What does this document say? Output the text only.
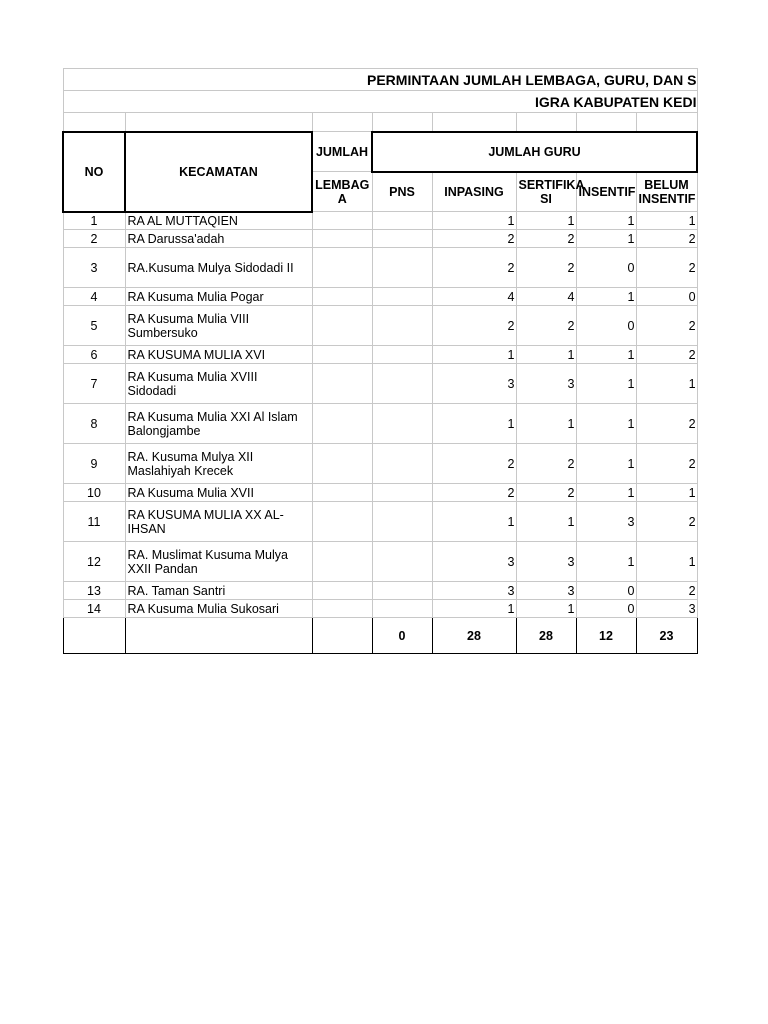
PERMINTAAN JUMLAH LEMBAGA, GURU, DAN S							
IGRA KABUPATEN KEDI							

NO	KECAMATAN	JUMLAH	JUMLAH GURU				
		LEMBAG A	PNS	INPASING	SERTIFIKA SI	INSENTIF	BELUM INSENTIF
1	RA AL MUTTAQIEN			1	1	1	1
2	RA Darussa'adah			2	2	1	2
3	RA.Kusuma Mulya Sidodadi II			2	2	0	2
4	RA Kusuma Mulia Pogar			4	4	1	0
5	RA Kusuma Mulia VIII Sumbersuko			2	2	0	2
6	RA KUSUMA MULIA XVI			1	1	1	2
7	RA Kusuma Mulia XVIII Sidodadi			3	3	1	1
8	RA Kusuma Mulia XXI Al Islam Balongjambe			1	1	1	2
9	RA. Kusuma Mulya XII Maslahiyah Krecek			2	2	1	2
10	RA Kusuma Mulia XVII			2	2	1	1
11	RA KUSUMA MULIA XX AL-IHSAN			1	1	3	2
12	RA. Muslimat Kusuma Mulya XXII Pandan			3	3	1	1
13	RA. Taman Santri			3	3	0	2
14	RA Kusuma Mulia Sukosari			1	1	0	3
			0	28	28	12	23
